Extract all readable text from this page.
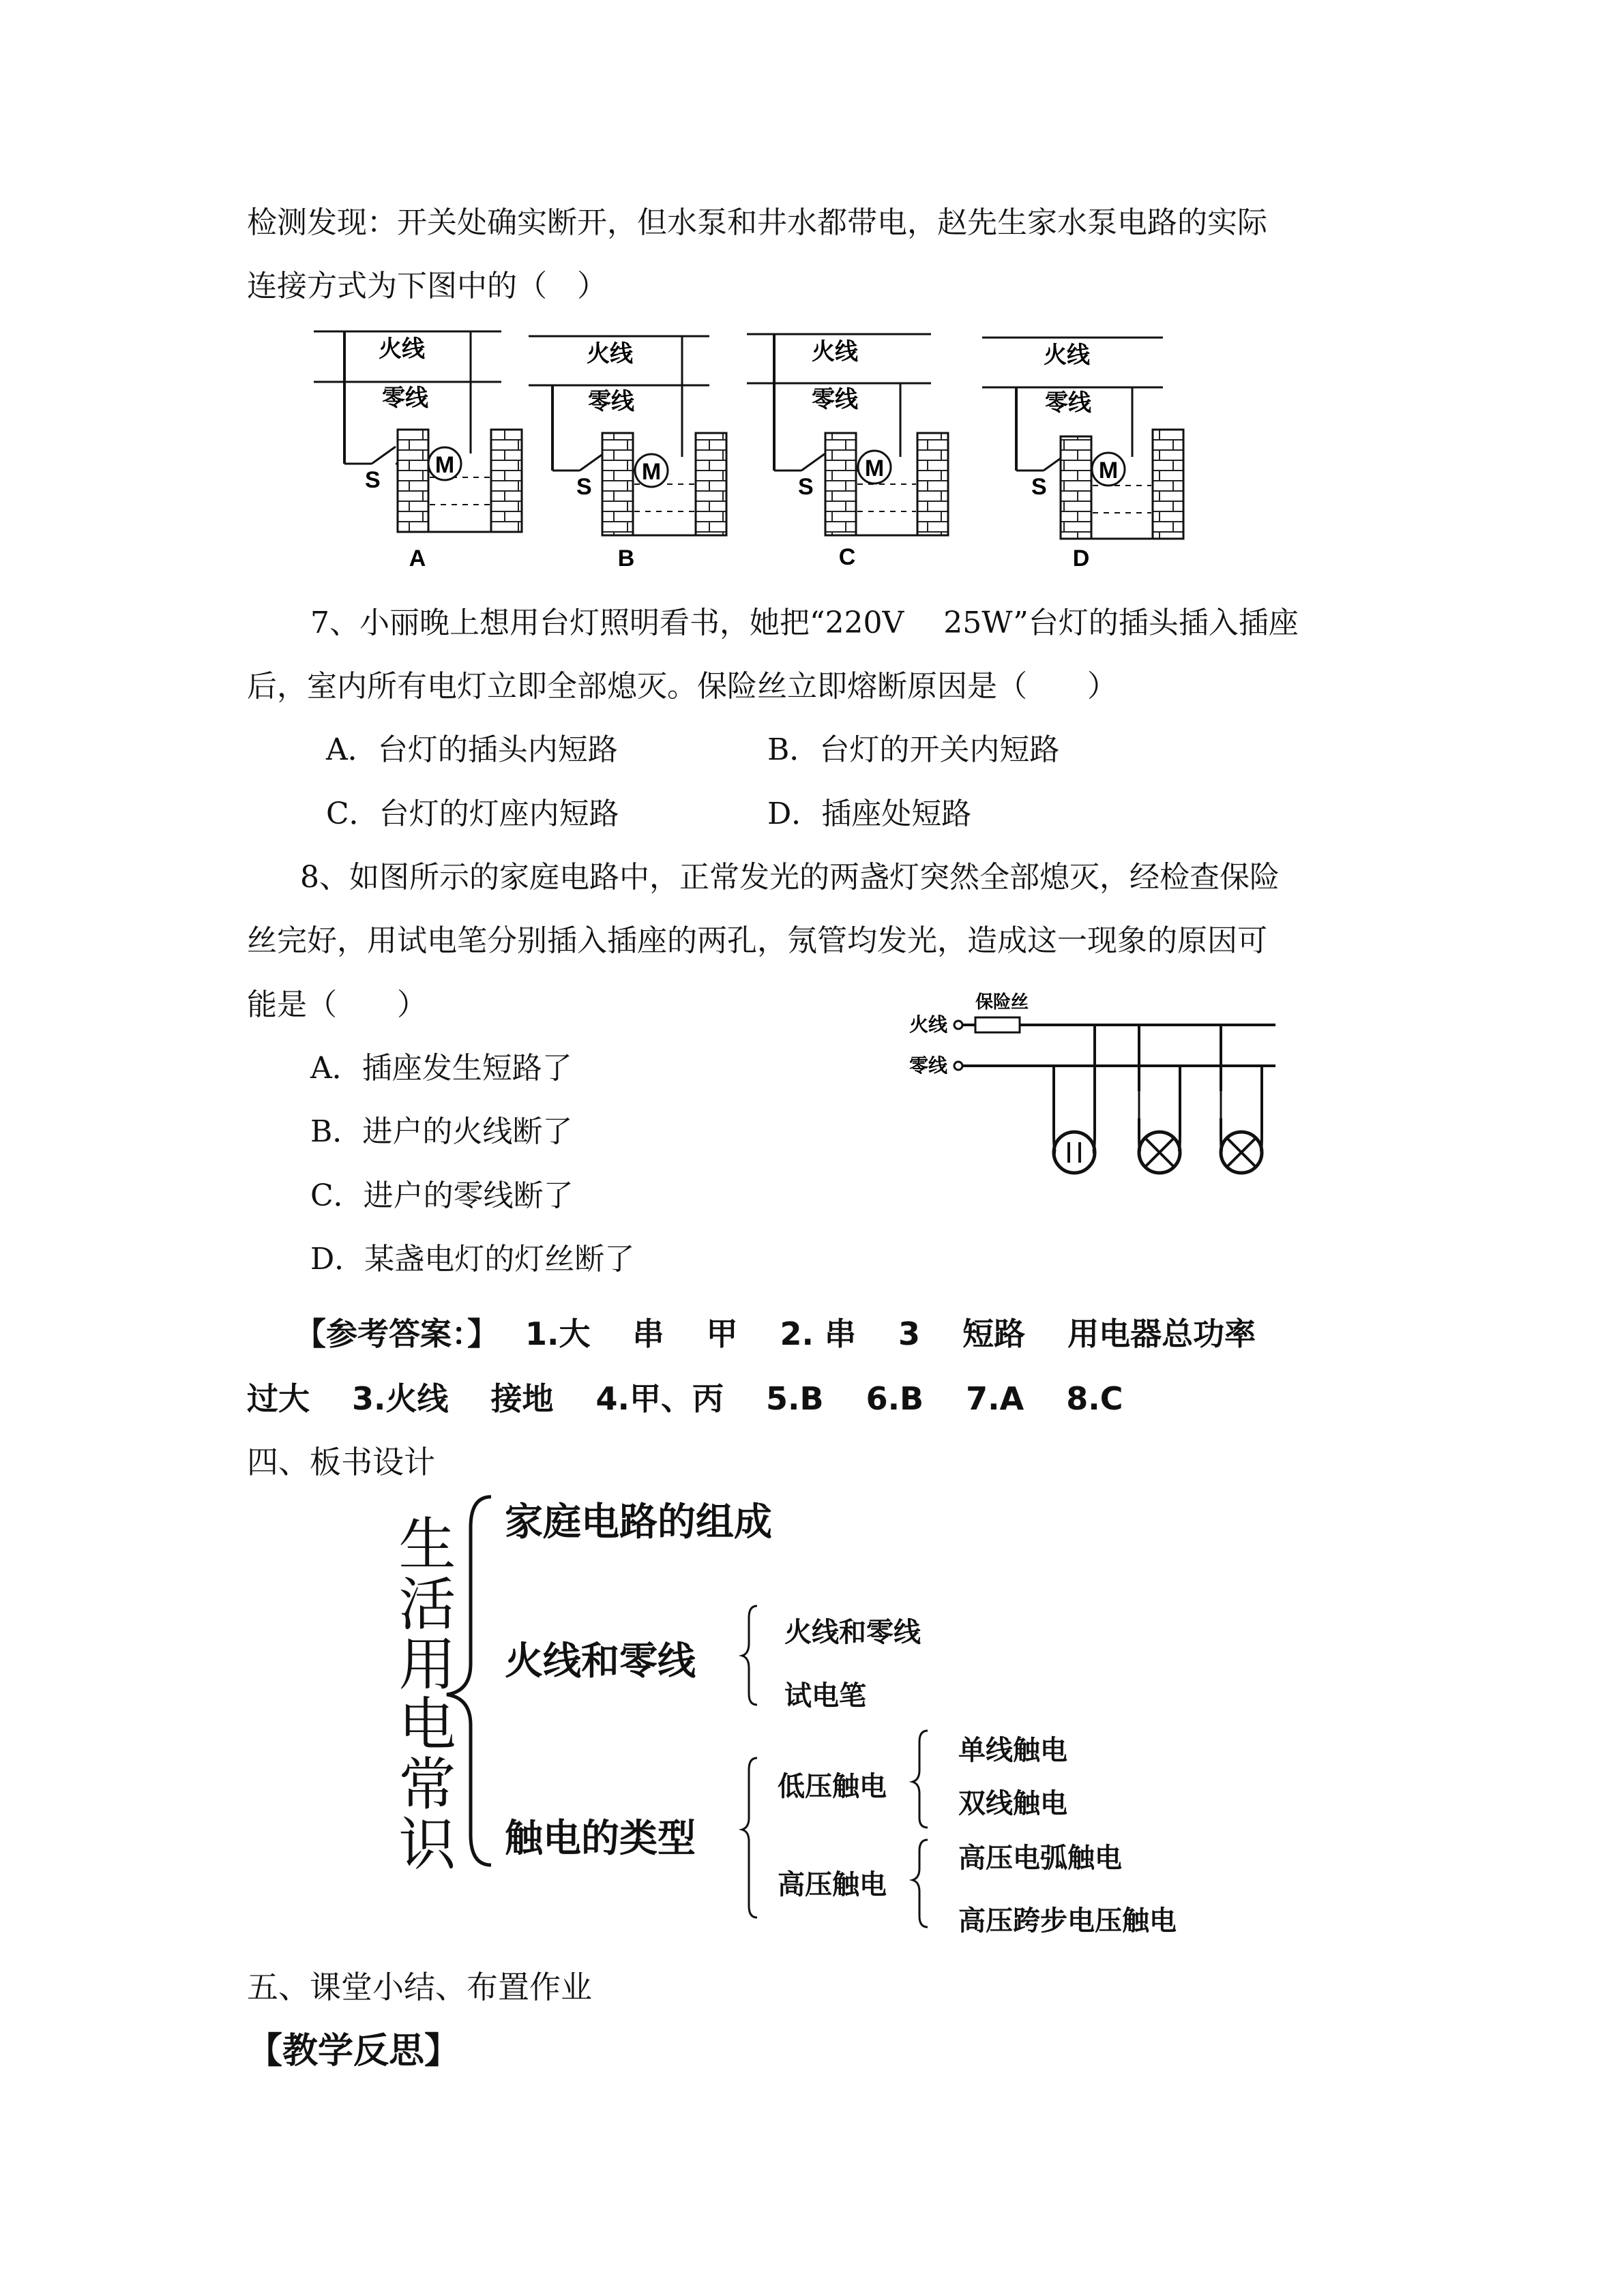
检测发现：开关处确实断开，但水泵和井水都带电，赵先生家水泵电路的实际
连接方式为下图中的（　）
M
火线
零线
S
A
M
火线
零线
S
B
M
火线
零线
S
C
M
火线
零线
S
D
7、小丽晚上想用台灯照明看书，她把“220V　 25W”台灯的插头插入插座
后，室内所有电灯立即全部熄灭。保险丝立即熔断原因是（　　）
A．台灯的插头内短路	B．台灯的开关内短路
C．台灯的灯座内短路	D．插座处短路
8、如图所示的家庭电路中，正常发光的两盏灯突然全部熄灭，经检查保险
丝完好，用试电笔分别插入插座的两孔，氖管均发光，造成这一现象的原因可
能是（　　）
A．插座发生短路了
B．进户的火线断了
C．进户的零线断了
D．某盏电灯的灯丝断了
火线
零线
保险丝
【参考答案：】　 1.大　 串　 甲　 2. 串　 3　 短路　 用电器总功率
过大　 3.火线　 接地　 4.甲、丙　 5.B　 6.B　 7.A　 8.C
四、板书设计
生活用电常识 家庭电路的组成
火线和零线
火线和零线
试电笔
触电的类型
低压触电
单线触电
双线触电
高压触电
高压电弧触电
高压跨步电压触电
五、课堂小结、布置作业
【教学反思】
